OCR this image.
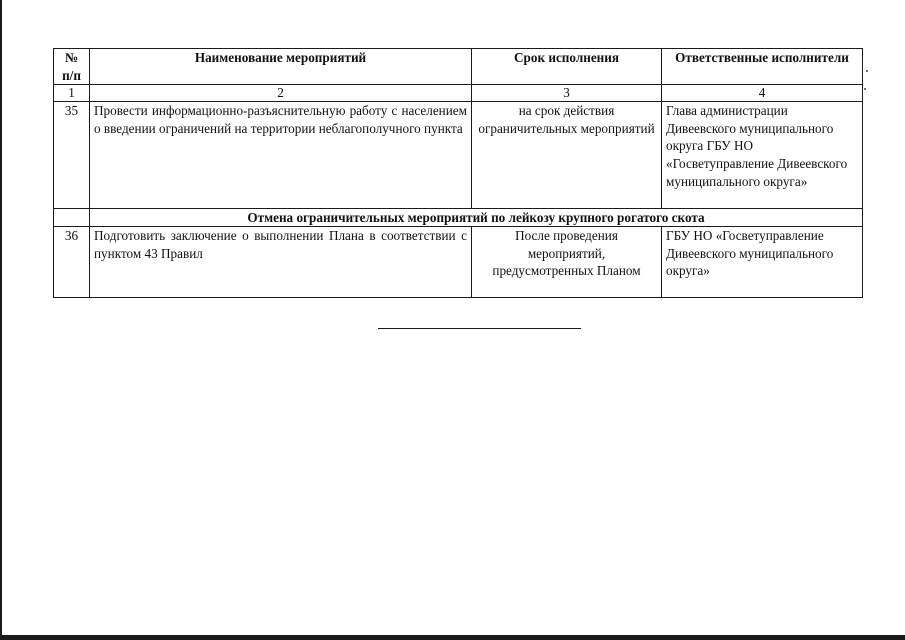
№ п/п	Наименование мероприятий	Срок исполнения	Ответственные исполнители
1	2	3	4
35	Провести информационно-разъяснительную работу с населением о введении ограничений на территории неблагополучного пункта	на срок действия ограничительных мероприятий	Глава администрации Дивеевского муниципального округа ГБУ НО «Госветуправление Дивеевского муниципального округа»
	Отмена ограничительных мероприятий по лейкозу крупного рогатого скота		
36	Подготовить заключение о выполнении Плана в соответствии с пунктом 43 Правил	После проведения мероприятий, предусмотренных Планом	ГБУ НО «Госветуправление Дивеевского муниципального округа»
